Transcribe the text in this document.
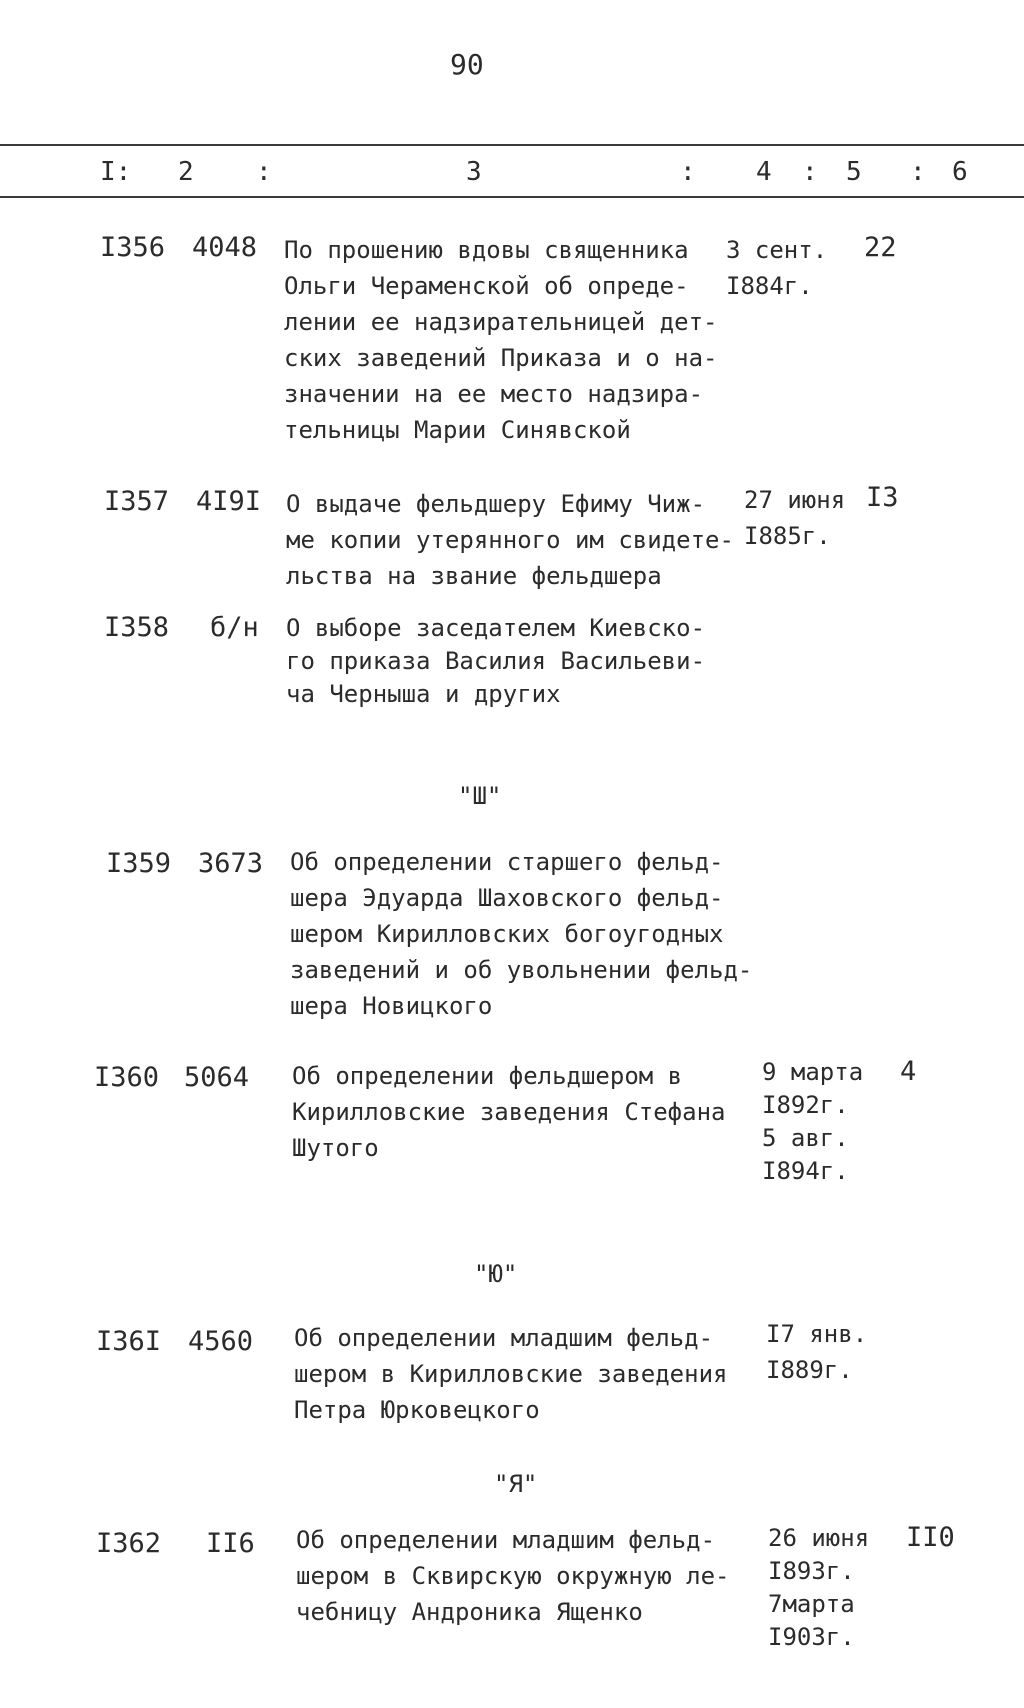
90
I: 2 :	3	: 4 : 5 : 6
I356 4048 По прошению вдовы священника
Ольги Чераменской об опреде-
лении ее надзирательницей дет-
ских заведений Приказа и о на-
значении на ее место надзира-
тельницы Марии Синявской
3 сент.
I884г.
22
I357 4I9I О выдаче фельдшеру Ефиму Чиж-
ме копии утерянного им свидете-
льства на звание фельдшера
27 июня
I885г.
I3
I358 б/н О выборе заседателем Киевско-
го приказа Василия Васильеви-
ча Черныша и других
"Ш"
I359 3673 Об определении старшего фельд-
шера Эдуарда Шаховского фельд-
шером Кирилловских богоугодных
заведений и об увольнении фельд-
шера Новицкого
I360 5064 Об определении фельдшером в
Кирилловские заведения Стефана
Шутого
9 марта
I892г.
5 авг.
I894г.
4
"Ю"
I36I 4560 Об определении младшим фельд-
шером в Кирилловские заведения
Петра Юрковецкого
I7 янв.
I889г.
"Я"
I362 II6 Об определении младшим фельд-
шером в Сквирскую окружную ле-
чебницу Андроника Ященко
26 июня
I893г.
7марта
I903г.
II0
